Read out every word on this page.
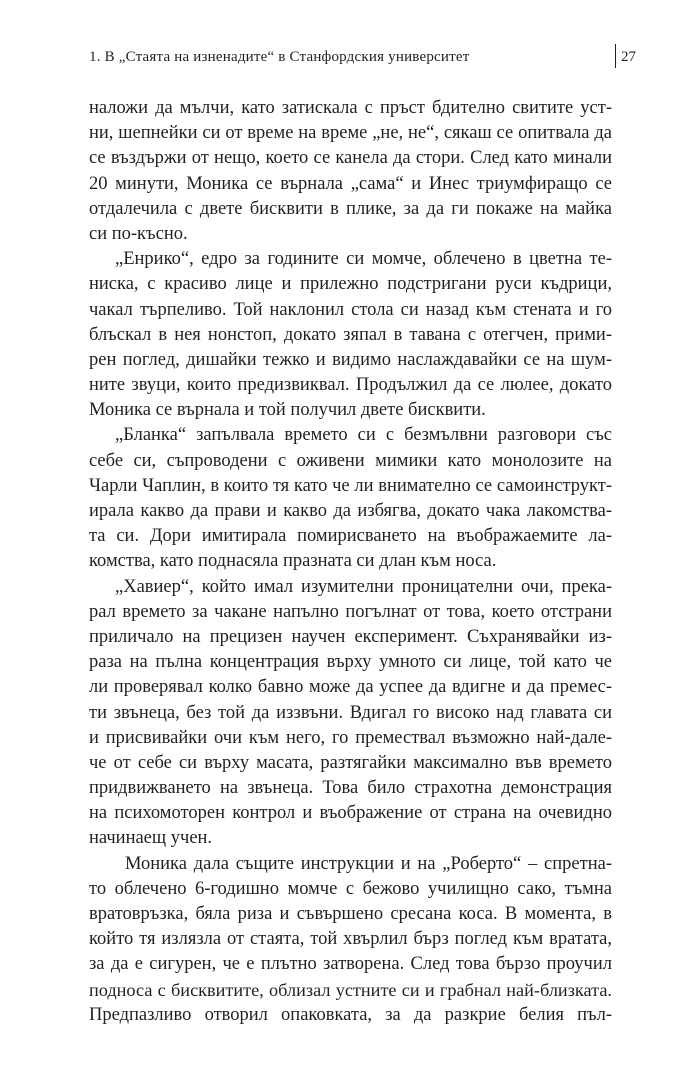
1. В „Стаята на изненадите“ в Станфордския университет	27
наложи да мълчи, като затискала с пръст бдително свитите уст-
ни, шепнейки си от време на време „не, не“, сякаш се опитвала да
се въздържи от нещо, което се канела да стори. След като минали
20 минути, Моника се върнала „сама“ и Инес триумфиращо се
отдалечила с двете бисквити в плике, за да ги покаже на майка
си по-късно.
„Енрико“, едро за годините си момче, облечено в цветна те-
ниска, с красиво лице и прилежно подстригани руси къдрици,
чакал търпеливо. Той наклонил стола си назад към стената и го
блъскал в нея нонстоп, докато зяпал в тавана с отегчен, прими-
рен поглед, дишайки тежко и видимо наслаждавайки се на шум-
ните звуци, които предизвиквал. Продължил да се люлее, докато
Моника се върнала и той получил двете бисквити.
„Бланка“ запълвала времето си с безмълвни разговори със
себе си, съпроводени с оживени мимики като монолозите на
Чарли Чаплин, в които тя като че ли внимателно се самоинструкт-
ирала какво да прави и какво да избягва, докато чака лакомства-
та си. Дори имитирала помирисването на въображаемите ла-
комства, като поднасяла празната си длан към носа.
„Хавиер“, който имал изумителни проницателни очи, прека-
рал времето за чакане напълно погълнат от това, което отстрани
приличало на прецизен научен експеримент. Съхранявайки из-
раза на пълна концентрация върху умното си лице, той като че
ли проверявал колко бавно може да успее да вдигне и да премес-
ти звънеца, без той да иззвъни. Вдигал го високо над главата си
и присвивайки очи към него, го премествал възможно най-дале-
че от себе си върху масата, разтягайки максимално във времето
придвижването на звънеца. Това било страхотна демонстрация
на психомоторен контрол и въображение от страна на очевидно
начинаещ учен.
Моника дала същите инструкции и на „Роберто“ – спретна-
то облечено 6-годишно момче с бежово училищно сако, тъмна
вратовръзка, бяла риза и съвършено сресана коса. В момента, в
който тя излязла от стаята, той хвърлил бърз поглед към вратата,
за да е сигурен, че е плътно затворена. След това бързо проучил
подноса с бисквитите, облизал устните си и грабнал най-близката.
Предпазливо отворил опаковката, за да разкрие белия пъл-
